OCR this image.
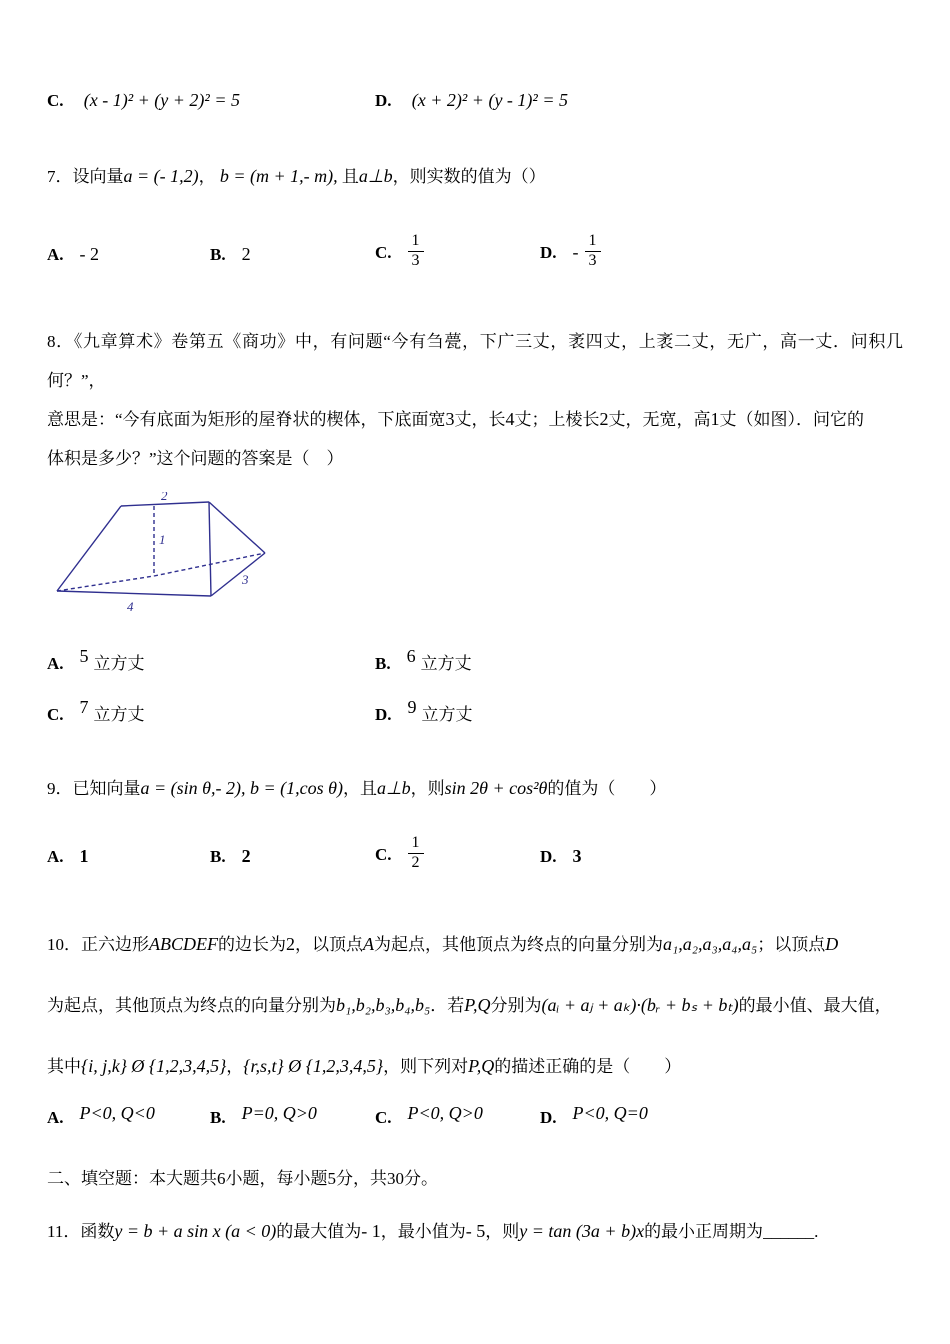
C. (x - 1)² + (y + 2)² = 5	D. (x + 2)² + (y - 1)² = 5
7．设向量a = (- 1,2)， b = (m + 1,- m), 且a⊥b，则实数的值为（）
A. - 2	B. 2	C. $\frac{1}{3}$	D. - $\frac{1}{3}$
8．《九章算术》卷第五《商功》中，有问题“今有刍甍，下广三丈，袤四丈，上袤二丈，无广，高一丈．问积几何？”，
意思是：“今有底面为矩形的屋脊状的楔体，下底面宽3丈，长4丈；上棱长2丈，无宽，高1丈（如图）．问它的
体积是多少？”这个问题的答案是（　）
2
1
3
4
A. 5 立方丈	B. 6 立方丈
C. 7 立方丈	D. 9 立方丈
9．已知向量a = (sin θ,- 2), b = (1,cos θ)，且a⊥b，则sin 2θ + cos²θ的值为（　　）
A. 1	B. 2	C. $\frac{1}{2}$	D. 3
10．正六边形ABCDEF的边长为2，以顶点A为起点，其他顶点为终点的向量分别为a₁,a₂,a₃,a₄,a₅；以顶点D
为起点，其他顶点为终点的向量分别为b₁,b₂,b₃,b₄,b₅．若P,Q分别为(aᵢ + aⱼ + aₖ)·(bᵣ + bₛ + bₜ)的最小值、最大值，
其中{i, j,k} Ø {1,2,3,4,5}，{r,s,t} Ø {1,2,3,4,5}，则下列对P,Q的描述正确的是（　　）
A. P<0, Q<0	B. P=0, Q>0	C. P<0, Q>0	D. P<0, Q=0
二、填空题：本大题共6小题，每小题5分，共30分。
11．函数y = b + a sin x (a < 0)的最大值为- 1，最小值为- 5，则y = tan (3a + b)x的最小正周期为______.
